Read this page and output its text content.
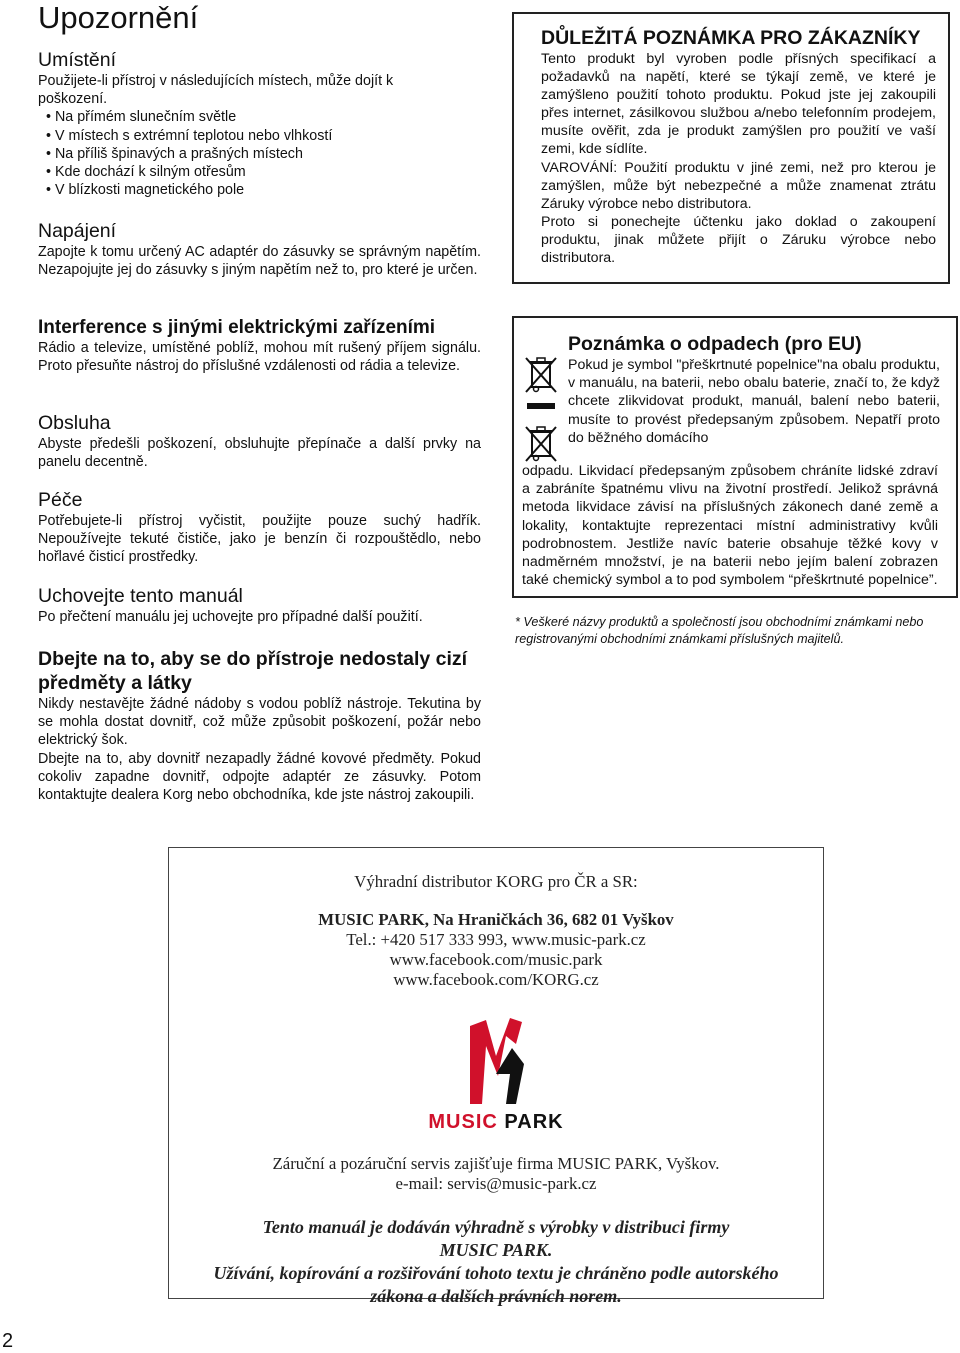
Upozornění
Umístění

Použijete-li přístroj v následujících místech, může dojít k poškození.

• Na přímém slunečním světle
• V místech s extrémní teplotou nebo vlhkostí
• Na příliš špinavých a prašných místech
• Kde dochází k silným otřesům
• V blízkosti magnetického pole
Napájení

Zapojte k tomu určený AC adaptér do zásuvky se správným napětím. Nezapojujte jej do zásuvky s jiným napětím než to, pro které je určen.

Interference s jinými elektrickými zařízeními

Rádio a televize, umístěné poblíž, mohou mít rušený příjem signálu. Proto přesuňte nástroj do příslušné vzdálenosti od rádia a televize.

Obsluha

Abyste předešli poškození, obsluhujte přepínače a další prvky na panelu decentně.

Péče

Potřebujete-li přístroj vyčistit, použijte pouze suchý hadřík. Nepoužívejte tekuté čističe, jako je benzín či rozpouštědlo, nebo hořlavé čisticí prostředky.

Uchovejte tento manuál

Po přečtení manuálu jej uchovejte pro případné další použití.

Dbejte na to, aby se do přístroje nedostaly cizí předměty a látky

Nikdy nestavějte žádné nádoby s vodou poblíž nástroje. Tekutina by se mohla dostat dovnitř, což může způsobit poškození, požár nebo elektrický šok.

Dbejte na to, aby dovnitř nezapadly žádné kovové předměty. Pokud cokoliv zapadne dovnitř, odpojte adaptér ze zásuvky. Potom kontaktujte dealera Korg nebo obchodníka, kde jste nástroj zakoupili.

DŮLEŽITÁ POZNÁMKA PRO ZÁKAZNÍKY

Tento produkt byl vyroben podle přísných specifikací a požadavků na napětí, které se týkají země, ve které je zamýšleno použití tohoto produktu. Pokud jste jej zakoupili přes internet, zásilkovou službou a/nebo telefonním prodejem, musíte ověřit, zda je produkt zamýšlen pro použití ve vaší zemi, kde sídlíte.

VAROVÁNÍ: Použití produktu v jiné zemi, než pro kterou je zamýšlen, může být nebezpečné a může znamenat ztrátu Záruky výrobce nebo distributora.

Proto si ponechejte účtenku jako doklad o zakoupení produktu, jinak můžete přijít o Záruku výrobce nebo distributora.

Poznámka o odpadech (pro EU)

Pokud je symbol "přeškrtnuté popelnice"na obalu produktu, v manuálu, na baterii, nebo obalu baterie, značí to, že když chcete zlikvidovat produkt, manuál, balení nebo baterii, musíte to provést předepsaným způsobem. Nepatří proto do běžného domácího

odpadu. Likvidací předepsaným způsobem chráníte lidské zdraví a zabráníte špatnému vlivu na životní prostředí. Jelikož správná metoda likvidace závisí na příslušných zákonech dané země a lokality, kontaktujte reprezentaci místní administrativy kvůli podrobnostem. Jestliže navíc baterie obsahuje těžké kovy v nadměrném množství, je na baterii nebo jejím balení zobrazen také chemický symbol a to pod symbolem “přeškrtnuté popelnice”.

* Veškeré názvy produktů a společností jsou obchodními známkami nebo registrovanými obchodními známkami příslušných majitelů.

Výhradní distributor KORG pro ČR a SR:
MUSIC PARK, Na Hraničkách 36, 682 01 Vyškov
Tel.: +420 517 333 993, www.music-park.cz
www.facebook.com/music.park
www.facebook.com/KORG.cz
MUSIC PARK
Záruční a pozáruční servis zajišťuje firma MUSIC PARK, Vyškov.
e-mail: servis@music-park.cz
Tento manuál je dodáván výhradně s výrobky v distribuci firmy
MUSIC PARK.
Užívání, kopírování a rozšiřování tohoto textu je chráněno podle autorského
zákona a dalších právních norem.
2
